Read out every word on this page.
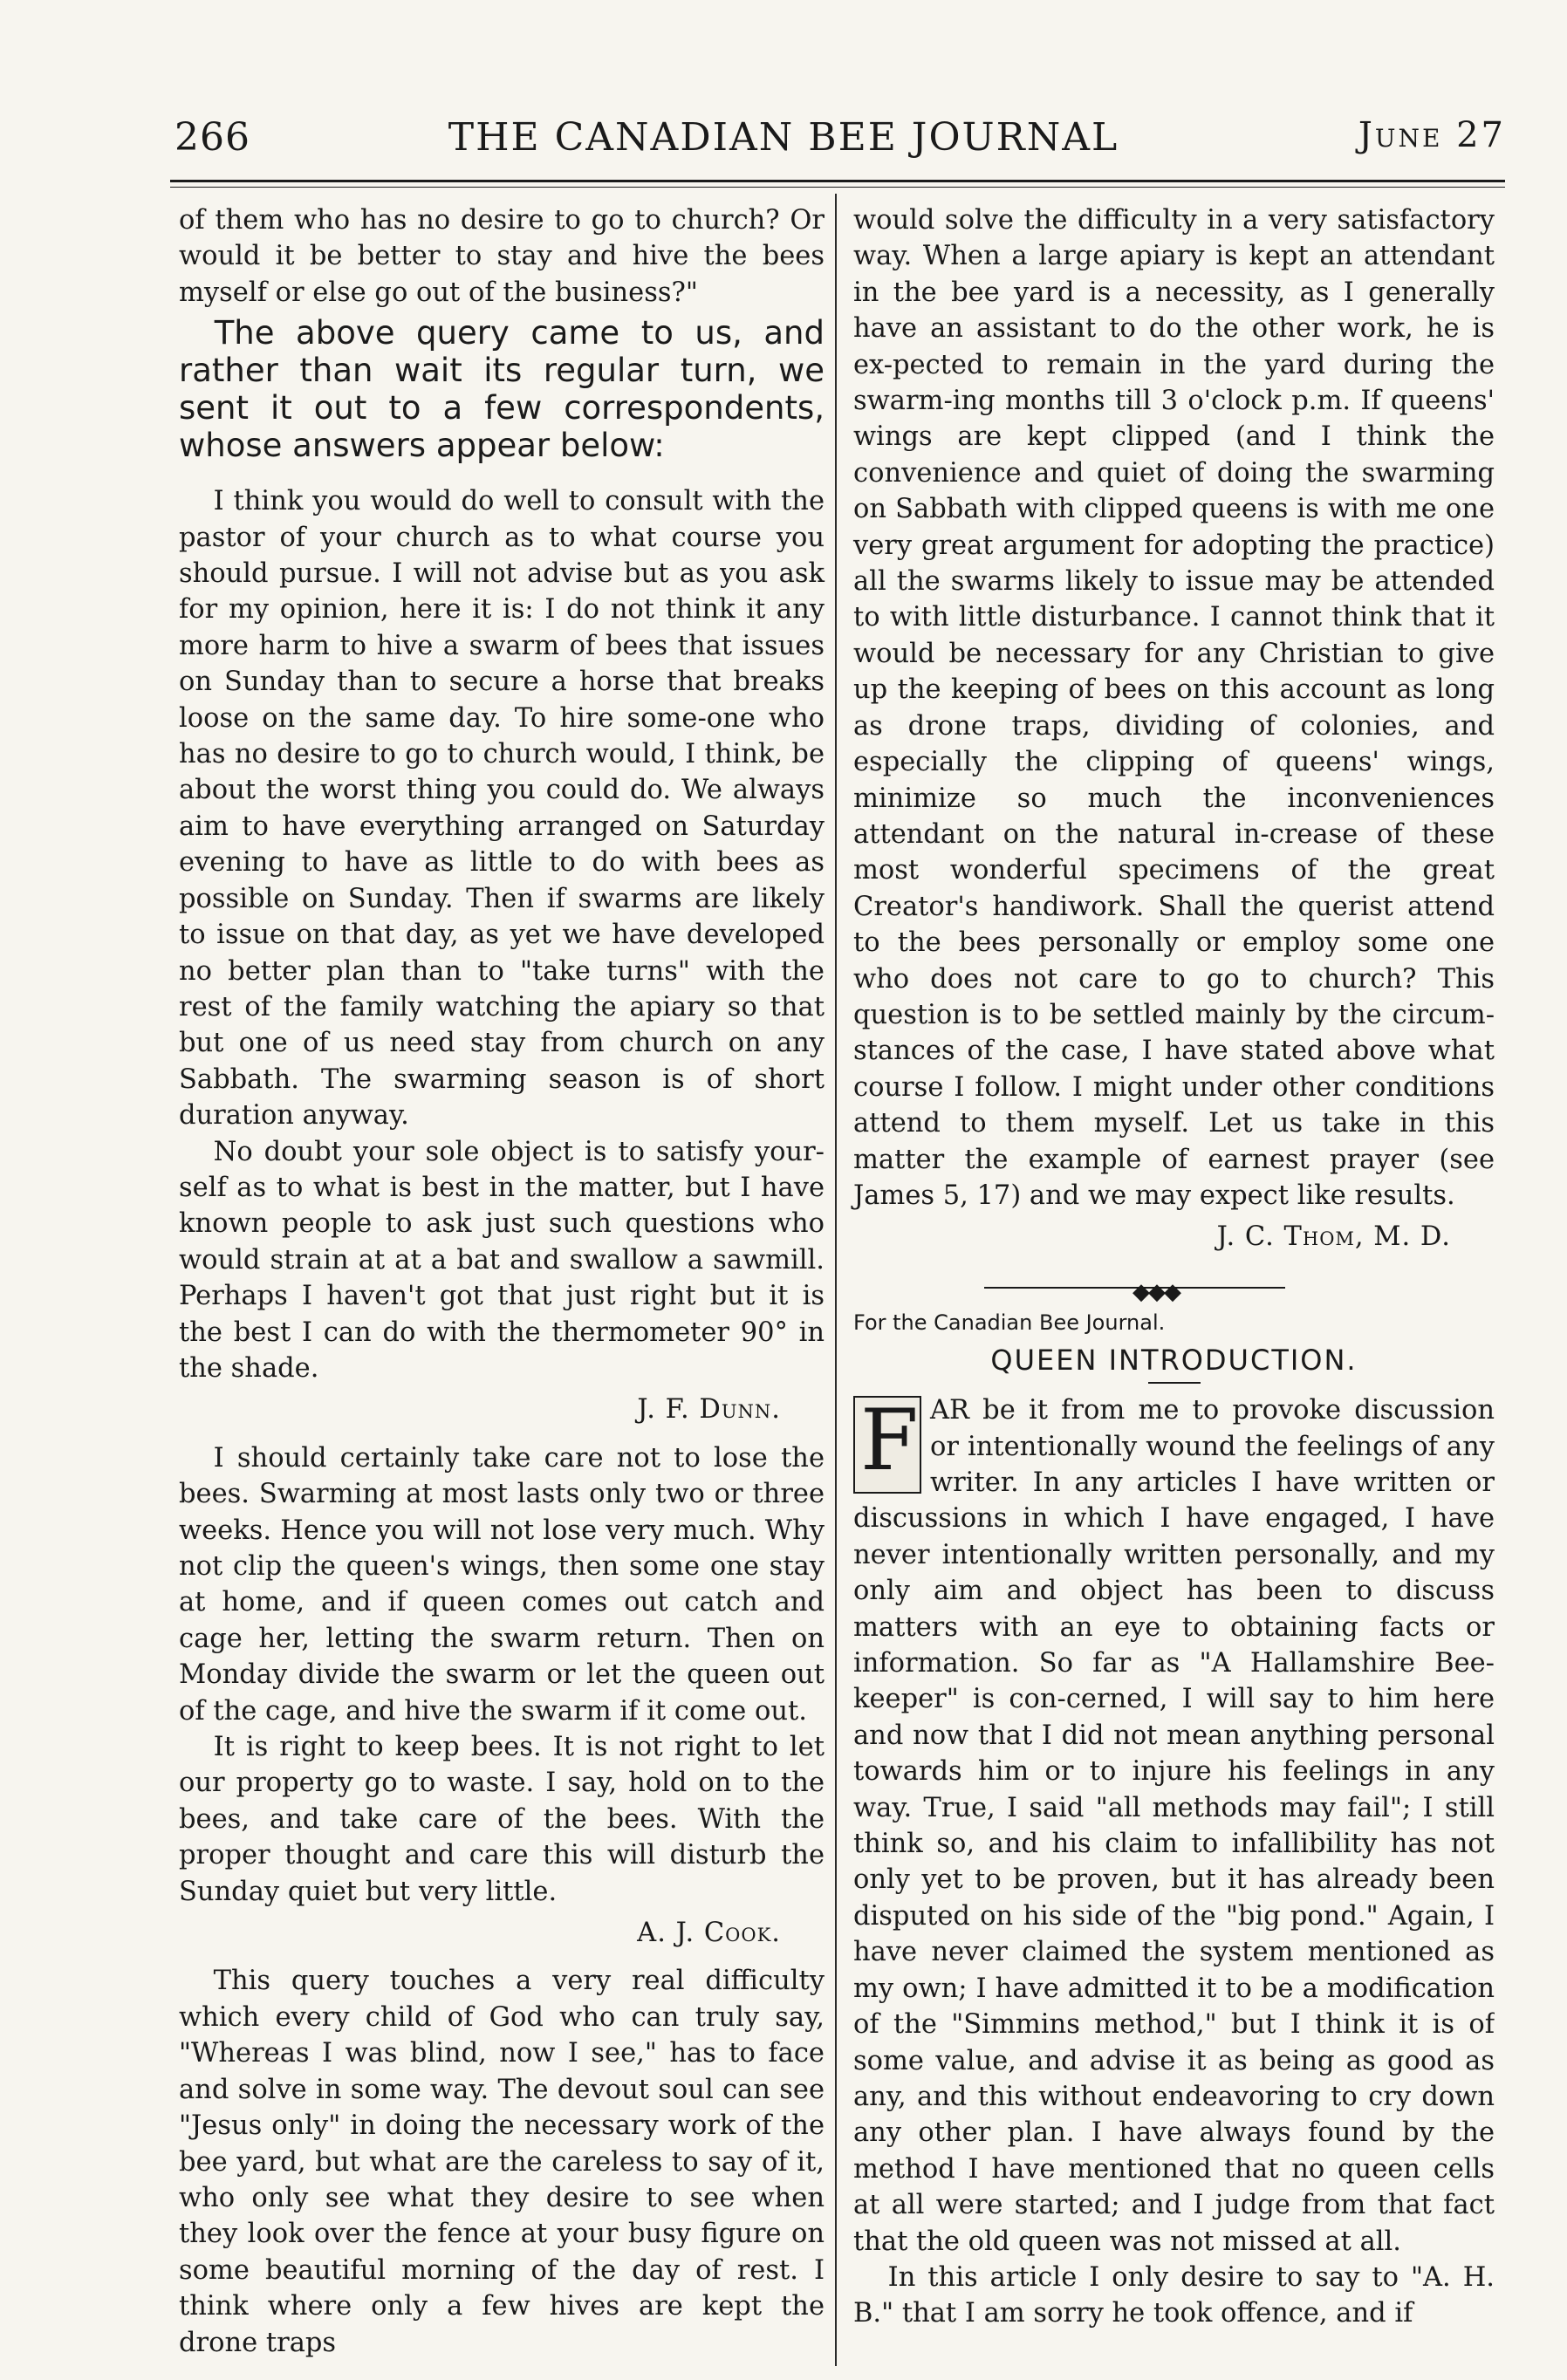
266	THE CANADIAN BEE JOURNAL	June 27

of them who has no desire to go to church? Or would it be better to stay and hive the bees myself or else go out of the business?"

The above query came to us, and rather than wait its regular turn, we sent it out to a few correspondents, whose answers appear below:

I think you would do well to consult with the pastor of your church as to what course you should pursue. I will not advise but as you ask for my opinion, here it is: I do not think it any more harm to hive a swarm of bees that issues on Sunday than to secure a horse that breaks loose on the same day. To hire some-one who has no desire to go to church would, I think, be about the worst thing you could do. We always aim to have everything arranged on Saturday evening to have as little to do with bees as possible on Sunday. Then if swarms are likely to issue on that day, as yet we have developed no better plan than to "take turns" with the rest of the family watching the apiary so that but one of us need stay from church on any Sabbath. The swarming season is of short duration anyway.

No doubt your sole object is to satisfy your-self as to what is best in the matter, but I have known people to ask just such questions who would strain at at a bat and swallow a sawmill. Perhaps I haven't got that just right but it is the best I can do with the thermometer 90° in the shade.

J. F. Dunn.

I should certainly take care not to lose the bees. Swarming at most lasts only two or three weeks. Hence you will not lose very much. Why not clip the queen's wings, then some one stay at home, and if queen comes out catch and cage her, letting the swarm return. Then on Monday divide the swarm or let the queen out of the cage, and hive the swarm if it come out.

It is right to keep bees. It is not right to let our property go to waste. I say, hold on to the bees, and take care of the bees. With the proper thought and care this will disturb the Sunday quiet but very little.

A. J. Cook.

This query touches a very real difficulty which every child of God who can truly say, "Whereas I was blind, now I see," has to face and solve in some way. The devout soul can see "Jesus only" in doing the necessary work of the bee yard, but what are the careless to say of it, who only see what they desire to see when they look over the fence at your busy figure on some beautiful morning of the day of rest. I think where only a few hives are kept the drone traps

would solve the difficulty in a very satisfactory way. When a large apiary is kept an attendant in the bee yard is a necessity, as I generally have an assistant to do the other work, he is ex-pected to remain in the yard during the swarm-ing months till 3 o'clock p.m. If queens' wings are kept clipped (and I think the convenience and quiet of doing the swarming on Sabbath with clipped queens is with me one very great argument for adopting the practice) all the swarms likely to issue may be attended to with little disturbance. I cannot think that it would be necessary for any Christian to give up the keeping of bees on this account as long as drone traps, dividing of colonies, and especially the clipping of queens' wings, minimize so much the inconveniences attendant on the natural in-crease of these most wonderful specimens of the great Creator's handiwork. Shall the querist attend to the bees personally or employ some one who does not care to go to church? This question is to be settled mainly by the circum-stances of the case, I have stated above what course I follow. I might under other conditions attend to them myself. Let us take in this matter the example of earnest prayer (see James 5, 17) and we may expect like results.

J. C. Thom, M. D.

◆◆◆

For the Canadian Bee Journal.

QUEEN INTRODUCTION.

F AR be it from me to provoke discussion or intentionally wound the feelings of any writer. In any articles I have written or discussions in which I have engaged, I have never intentionally written personally, and my only aim and object has been to discuss matters with an eye to obtaining facts or information. So far as "A Hallamshire Bee-keeper" is con-cerned, I will say to him here and now that I did not mean anything personal towards him or to injure his feelings in any way. True, I said "all methods may fail"; I still think so, and his claim to infallibility has not only yet to be proven, but it has already been disputed on his side of the "big pond." Again, I have never claimed the system mentioned as my own; I have admitted it to be a modification of the "Simmins method," but I think it is of some value, and advise it as being as good as any, and this without endeavoring to cry down any other plan. I have always found by the method I have mentioned that no queen cells at all were started; and I judge from that fact that the old queen was not missed at all.

In this article I only desire to say to "A. H. B." that I am sorry he took offence, and if
